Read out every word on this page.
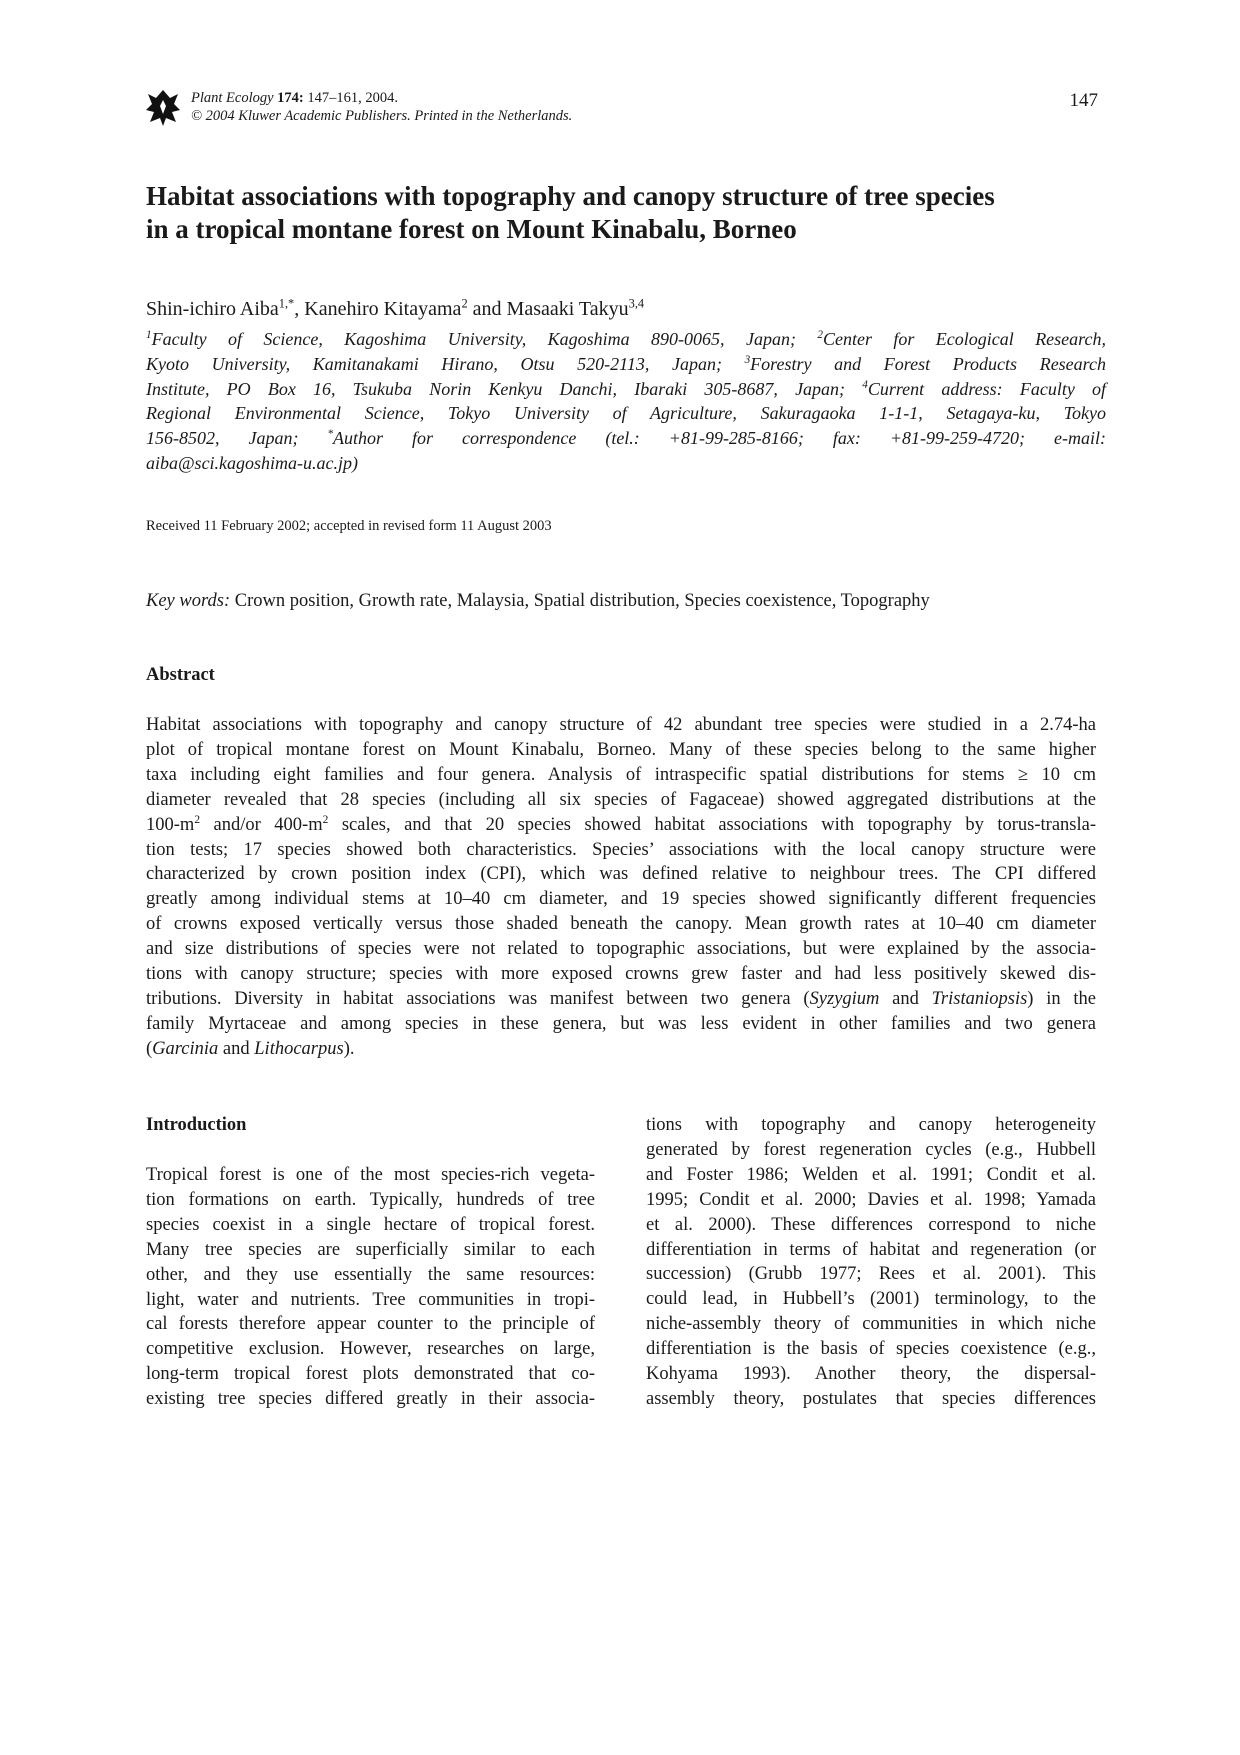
Plant Ecology 174: 147–161, 2004.
© 2004 Kluwer Academic Publishers. Printed in the Netherlands.
147
Habitat associations with topography and canopy structure of tree species
in a tropical montane forest on Mount Kinabalu, Borneo
Shin-ichiro Aiba$^{1,*}$, Kanehiro Kitayama$^2$ and Masaaki Takyu$^{3,4}$

$^1$Faculty of Science, Kagoshima University, Kagoshima 890-0065, Japan; $^2$Center for Ecological Research,
Kyoto University, Kamitanakami Hirano, Otsu 520-2113, Japan; $^3$Forestry and Forest Products Research
Institute, PO Box 16, Tsukuba Norin Kenkyu Danchi, Ibaraki 305-8687, Japan; $^4$Current address: Faculty of
Regional Environmental Science, Tokyo University of Agriculture, Sakuragaoka 1-1-1, Setagaya-ku, Tokyo
156-8502, Japan; *Author for correspondence (tel.: +81-99-285-8166; fax: +81-99-259-4720; e-mail:
aiba@sci.kagoshima-u.ac.jp)

Received 11 February 2002; accepted in revised form 11 August 2003
Key words: Crown position, Growth rate, Malaysia, Spatial distribution, Species coexistence, Topography
Abstract

Habitat associations with topography and canopy structure of 42 abundant tree species were studied in a 2.74-ha
plot of tropical montane forest on Mount Kinabalu, Borneo. Many of these species belong to the same higher
taxa including eight families and four genera. Analysis of intraspecific spatial distributions for stems ≥ 10 cm
diameter revealed that 28 species (including all six species of Fagaceae) showed aggregated distributions at the
$100-m^2$ and/or $400-m^2$ scales, and that 20 species showed habitat associations with topography by torus-transla-
tion tests; 17 species showed both characteristics. Species’ associations with the local canopy structure were
characterized by crown position index (CPI), which was defined relative to neighbour trees. The CPI differed
greatly among individual stems at 10–40 cm diameter, and 19 species showed significantly different frequencies
of crowns exposed vertically versus those shaded beneath the canopy. Mean growth rates at 10–40 cm diameter
and size distributions of species were not related to topographic associations, but were explained by the associa-
tions with canopy structure; species with more exposed crowns grew faster and had less positively skewed dis-
tributions. Diversity in habitat associations was manifest between two genera (Syzygium and Tristaniopsis) in the
family Myrtaceae and among species in these genera, but was less evident in other families and two genera
(Garcinia and Lithocarpus).

Introduction

Tropical forest is one of the most species-rich vegeta-
tion formations on earth. Typically, hundreds of tree
species coexist in a single hectare of tropical forest.
Many tree species are superficially similar to each
other, and they use essentially the same resources:
light, water and nutrients. Tree communities in tropi-
cal forests therefore appear counter to the principle of
competitive exclusion. However, researches on large,
long-term tropical forest plots demonstrated that co-
existing tree species differed greatly in their associa-

tions with topography and canopy heterogeneity
generated by forest regeneration cycles (e.g., Hubbell
and Foster 1986; Welden et al. 1991; Condit et al.
1995; Condit et al. 2000; Davies et al. 1998; Yamada
et al. 2000). These differences correspond to niche
differentiation in terms of habitat and regeneration (or
succession) (Grubb 1977; Rees et al. 2001). This
could lead, in Hubbell’s (2001) terminology, to the
niche-assembly theory of communities in which niche
differentiation is the basis of species coexistence (e.g.,
Kohyama 1993). Another theory, the dispersal-
assembly theory, postulates that species differences
